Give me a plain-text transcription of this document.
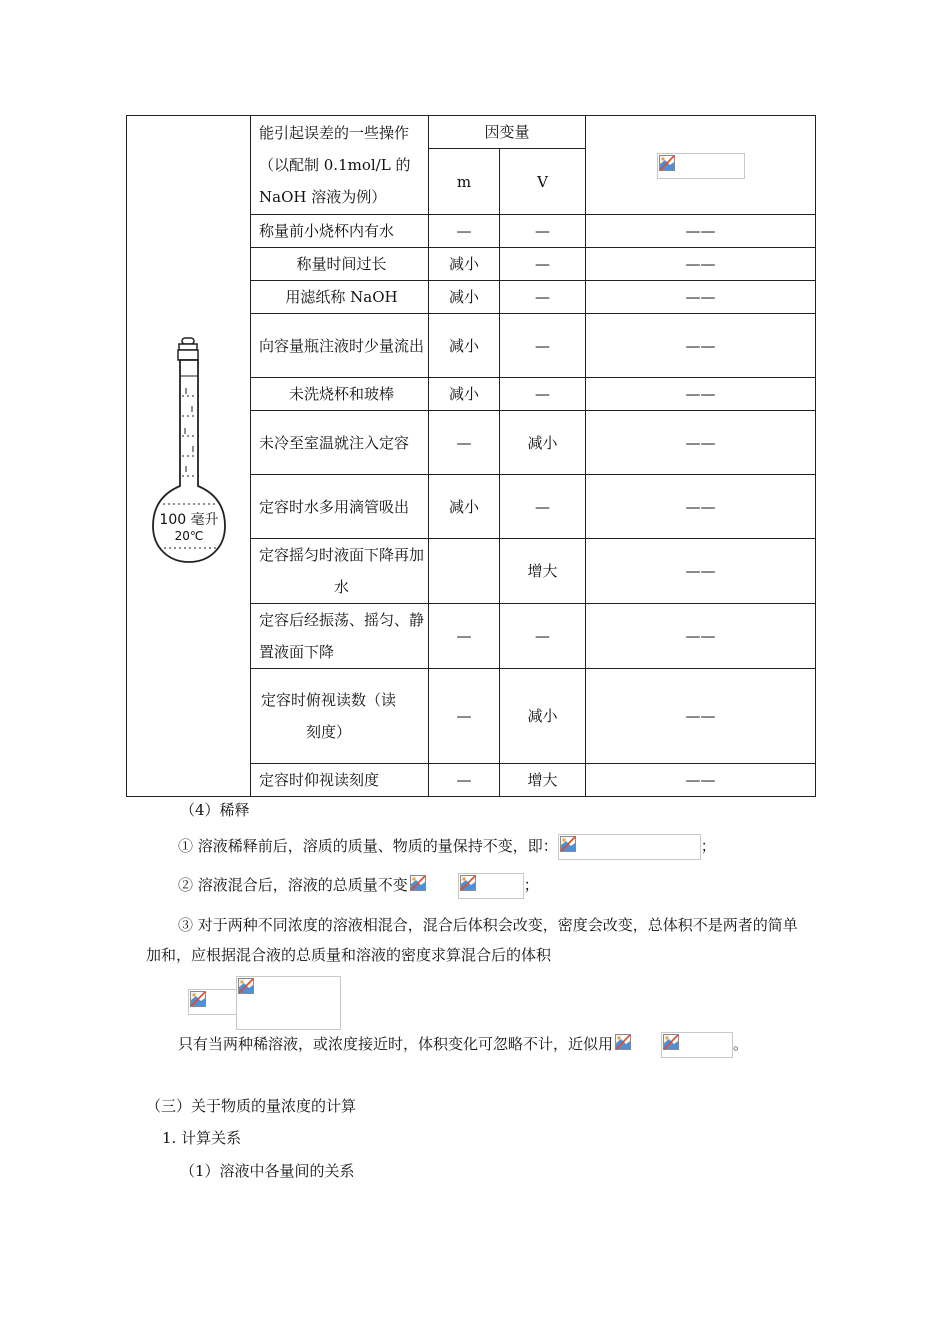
100 毫升
20℃	能引起误差的一些操作（以配制 0.1mol/L 的 NaOH 溶液为例）	因变量	

		m	V	
	称量前小烧杯内有水	—	—	——
	称量时间过长	减小	—	——
	用滤纸称 NaOH	减小	—	——
	向容量瓶注液时少量流出	减小	—	——
	未洗烧杯和玻棒	减小	—	——
	未冷至室温就注入定容	—	减小	——
	定容时水多用滴管吸出	减小	—	——
	定容摇匀时液面下降再加水		增大	——
	定容后经振荡、摇匀、静置液面下降	—	—	——
	定容时俯视读数（读刻度）	—	减小	——
	定容时仰视读刻度	—	增大	——
（4）稀释
① 溶液稀释前后，溶质的质量、物质的量保持不变，即：	；
② 溶液混合后，溶液的总质量不变	；
③ 对于两种不同浓度的溶液相混合，混合后体积会改变，密度会改变，总体积不是两者的简单加和，应根据混合液的总质量和溶液的密度求算混合后的体积
只有当两种稀溶液，或浓度接近时，体积变化可忽略不计，近似用	。
（三）关于物质的量浓度的计算
1. 计算关系
（1）溶液中各量间的关系
